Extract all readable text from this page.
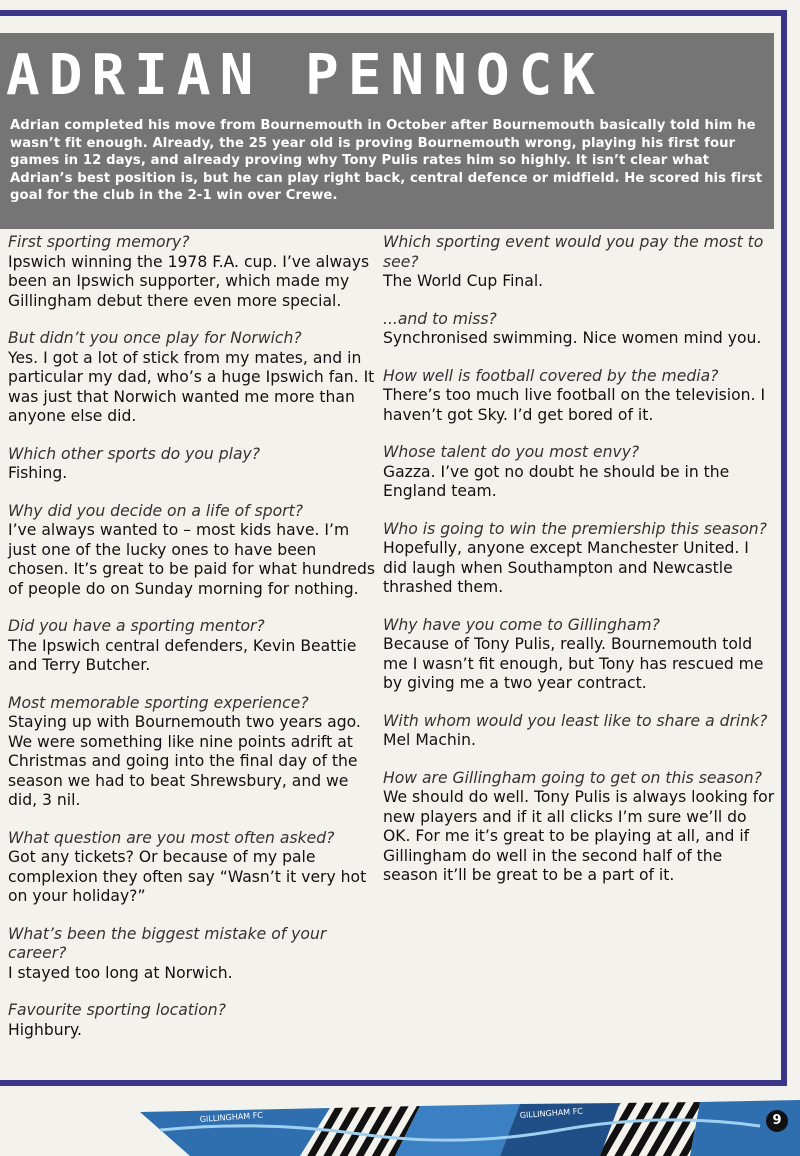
ADRIAN PENNOCK
Adrian completed his move from Bournemouth in October after Bournemouth basically told him he wasn’t fit enough. Already, the 25 year old is proving Bournemouth wrong, playing his first four games in 12 days, and already proving why Tony Pulis rates him so highly. It isn’t clear what Adrian’s best position is, but he can play right back, central defence or midfield. He scored his first goal for the club in the 2-1 win over Crewe.
First sporting memory?
Ipswich winning the 1978 F.A. cup. I’ve always been an Ipswich supporter, which made my Gillingham debut there even more special.
But didn’t you once play for Norwich?
Yes. I got a lot of stick from my mates, and in particular my dad, who’s a huge Ipswich fan. It was just that Norwich wanted me more than anyone else did.
Which other sports do you play?
Fishing.
Why did you decide on a life of sport?
I’ve always wanted to – most kids have. I’m just one of the lucky ones to have been chosen. It’s great to be paid for what hundreds of people do on Sunday morning for nothing.
Did you have a sporting mentor?
The Ipswich central defenders, Kevin Beattie and Terry Butcher.
Most memorable sporting experience?
Staying up with Bournemouth two years ago. We were something like nine points adrift at Christmas and going into the final day of the season we had to beat Shrewsbury, and we did, 3 nil.
What question are you most often asked?
Got any tickets? Or because of my pale complexion they often say “Wasn’t it very hot on your holiday?”
What’s been the biggest mistake of your career?
I stayed too long at Norwich.
Favourite sporting location?
Highbury.
Which sporting event would you pay the most to see?
The World Cup Final.
...and to miss?
Synchronised swimming. Nice women mind you.
How well is football covered by the media?
There’s too much live football on the television. I haven’t got Sky. I’d get bored of it.
Whose talent do you most envy?
Gazza. I’ve got no doubt he should be in the England team.
Who is going to win the premiership this season?
Hopefully, anyone except Manchester United. I did laugh when Southampton and Newcastle thrashed them.
Why have you come to Gillingham?
Because of Tony Pulis, really. Bournemouth told me I wasn’t fit enough, but Tony has rescued me by giving me a two year contract.
With whom would you least like to share a drink?
Mel Machin.
How are Gillingham going to get on this season?
We should do well. Tony Pulis is always looking for new players and if it all clicks I’m sure we’ll do OK. For me it’s great to be playing at all, and if Gillingham do well in the second half of the season it’ll be great to be a part of it.
GILLINGHAM FC	GILLINGHAM FC	9
